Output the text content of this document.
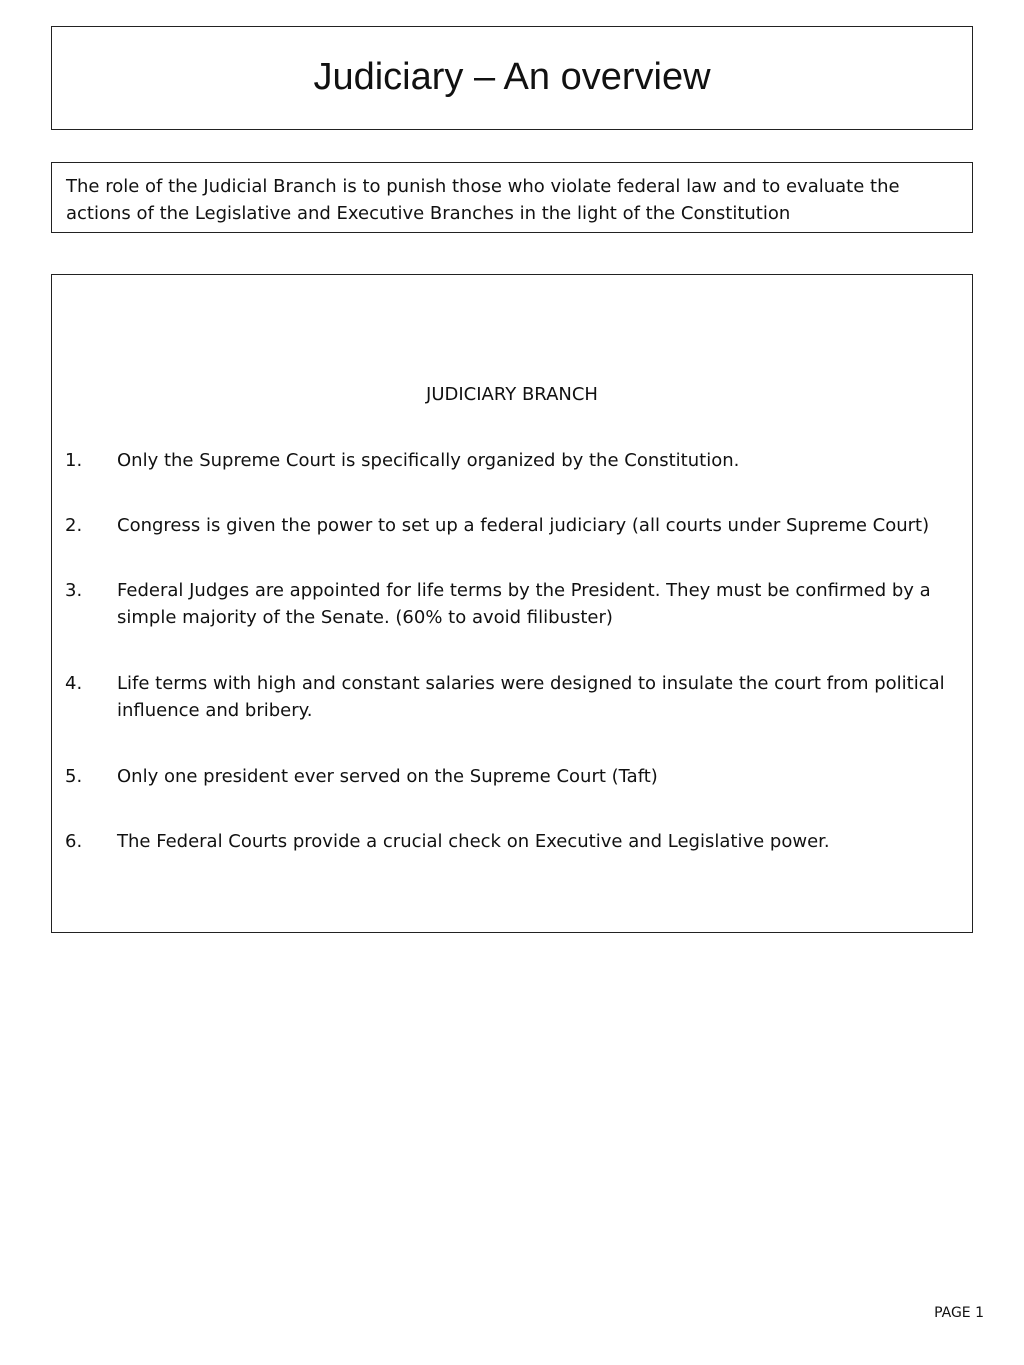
Judiciary – An overview
The role of the Judicial Branch is to punish those who violate federal law and to evaluate the actions of the Legislative and Executive Branches in the light of the Constitution
JUDICIARY BRANCH
1.	Only the Supreme Court is specifically organized by the Constitution.
2.	Congress is given the power to set up a federal judiciary (all courts under Supreme Court)
3.	Federal Judges are appointed for life terms by the President. They must be confirmed by a simple majority of the Senate. (60% to avoid filibuster)
4.	Life terms with high and constant salaries were designed to insulate the court from political influence and bribery.
5.	Only one president ever served on the Supreme Court (Taft)
6.	The Federal Courts provide a crucial check on Executive and Legislative power.
PAGE 1
